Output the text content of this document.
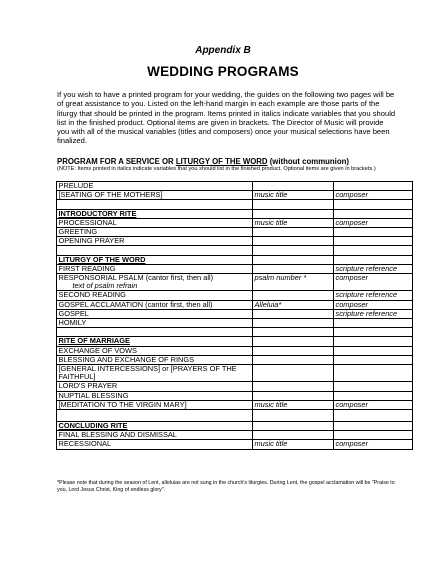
Appendix B
WEDDING PROGRAMS
If you wish to have a printed program for your wedding, the guides on the following two pages will be of great assistance to you. Listed on the left-hand margin in each example are those parts of the liturgy that should be printed in the program. Items printed in italics indicate variables that you should list in the finished product. Optional items are given in brackets. The Director of Music will provide you with all of the musical variables (titles and composers) once your musical selections have been finalized.
PROGRAM FOR A SERVICE OR LITURGY OF THE WORD (without communion)
(NOTE: Items printed in italics indicate variables that you should list in the finished product. Optional items are given in brackets.)
PRELUDE		
[SEATING OF THE MOTHERS]	music title	composer

INTRODUCTORY RITE		
PROCESSIONAL	music title	composer
GREETING		
OPENING PRAYER		

LITURGY OF THE WORD		
FIRST READING		scripture reference

RESPONSORIAL PSALM (cantor first, then all)
text of psalm refrain	psalm number *	composer
SECOND READING		scripture reference
GOSPEL ACCLAMATION (cantor first, then all)	Alleluia*	composer
GOSPEL		scripture reference
HOMILY		

RITE OF MARRIAGE		
EXCHANGE OF VOWS		
BLESSING AND EXCHANGE OF RINGS		
[GENERAL INTERCESSIONS] or [PRAYERS OF THE FAITHFUL]		
LORD'S PRAYER		
NUPTIAL BLESSING		
[MEDITATION TO THE VIRGIN MARY]	music title	composer

CONCLUDING RITE		
FINAL BLESSING AND DISMISSAL		
RECESSIONAL	music title	composer
*Please note that during the season of Lent, alleluias are not sung in the church's liturgies. During Lent, the gospel acclamation will be "Praise to you, Lord Jesus Christ, King of endless glory".
